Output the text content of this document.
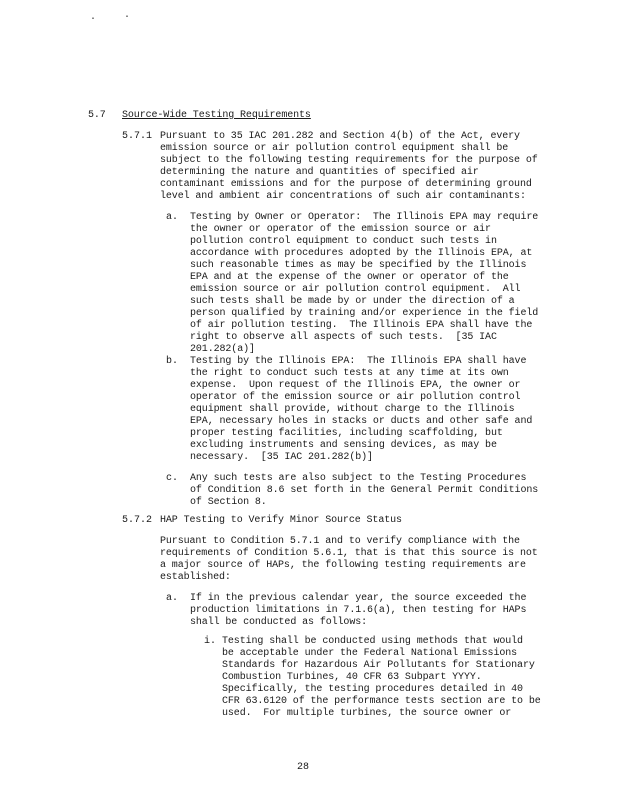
.	·
5.7 Source-Wide Testing Requirements
5.7.1 Pursuant to 35 IAC 201.282 and Section 4(b) of the Act, every
emission source or air pollution control equipment shall be
subject to the following testing requirements for the purpose of
determining the nature and quantities of specified air
contaminant emissions and for the purpose of determining ground
level and ambient air concentrations of such air contaminants:
a. Testing by Owner or Operator:  The Illinois EPA may require
the owner or operator of the emission source or air
pollution control equipment to conduct such tests in
accordance with procedures adopted by the Illinois EPA, at
such reasonable times as may be specified by the Illinois
EPA and at the expense of the owner or operator of the
emission source or air pollution control equipment.  All
such tests shall be made by or under the direction of a
person qualified by training and/or experience in the field
of air pollution testing.  The Illinois EPA shall have the
right to observe all aspects of such tests.  [35 IAC
201.282(a)]
b. Testing by the Illinois EPA:  The Illinois EPA shall have
the right to conduct such tests at any time at its own
expense.  Upon request of the Illinois EPA, the owner or
operator of the emission source or air pollution control
equipment shall provide, without charge to the Illinois
EPA, necessary holes in stacks or ducts and other safe and
proper testing facilities, including scaffolding, but
excluding instruments and sensing devices, as may be
necessary.  [35 IAC 201.282(b)]
c. Any such tests are also subject to the Testing Procedures
of Condition 8.6 set forth in the General Permit Conditions
of Section 8.
5.7.2 HAP Testing to Verify Minor Source Status
Pursuant to Condition 5.7.1 and to verify compliance with the
requirements of Condition 5.6.1, that is that this source is not
a major source of HAPs, the following testing requirements are
established:
a. If in the previous calendar year, the source exceeded the
production limitations in 7.1.6(a), then testing for HAPs
shall be conducted as follows:
i. Testing shall be conducted using methods that would
be acceptable under the Federal National Emissions
Standards for Hazardous Air Pollutants for Stationary
Combustion Turbines, 40 CFR 63 Subpart YYYY.
Specifically, the testing procedures detailed in 40
CFR 63.6120 of the performance tests section are to be
used.  For multiple turbines, the source owner or
28
